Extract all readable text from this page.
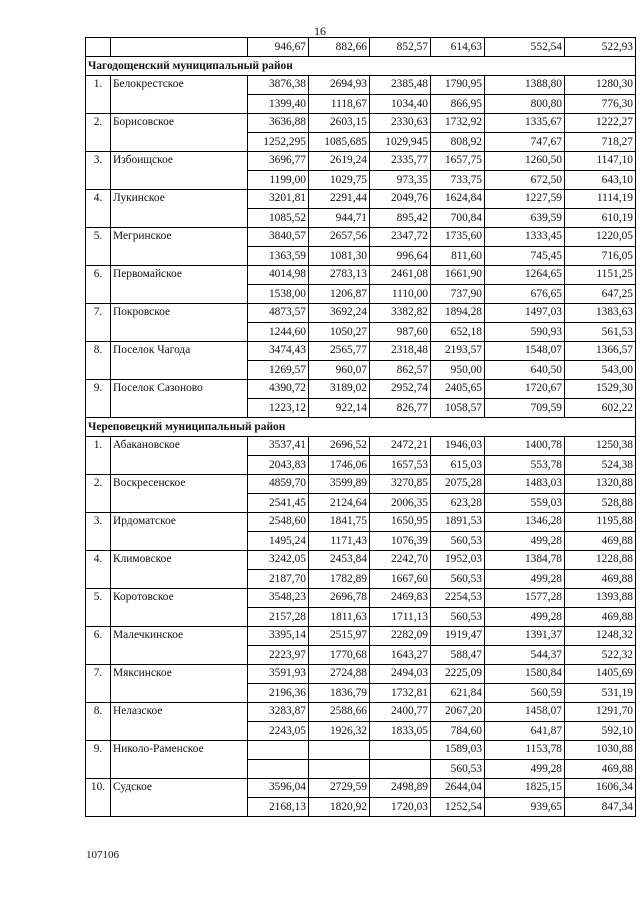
16
		946,67	882,66	852,57	614,63	552,54	522,93
Чагодощенский муниципальный район							
1.	Белокрестское	3876,38	2694,93	2385,48	1790,95	1388,80	1280,30
		1399,40	1118,67	1034,40	866,95	800,80	776,30
2.	Борисовское	3636,88	2603,15	2330,63	1732,92	1335,67	1222,27
		1252,295	1085,685	1029,945	808,92	747,67	718,27
3.	Избоищское	3696,77	2619,24	2335,77	1657,75	1260,50	1147,10
		1199,00	1029,75	973,35	733,75	672,50	643,10
4.	Лукинское	3201,81	2291,44	2049,76	1624,84	1227,59	1114,19
		1085,52	944,71	895,42	700,84	639,59	610,19
5.	Мегринское	3840,57	2657,56	2347,72	1735,60	1333,45	1220,05
		1363,59	1081,30	996,64	811,60	745,45	716,05
6.	Первомайское	4014,98	2783,13	2461,08	1661,90	1264,65	1151,25
		1538,00	1206,87	1110,00	737,90	676,65	647,25
7.	Покровское	4873,57	3692,24	3382,82	1894,28	1497,03	1383,63
		1244,60	1050,27	987,60	652,18	590,93	561,53
8.	Поселок Чагода	3474,43	2565,77	2318,48	2193,57	1548,07	1366,57
		1269,57	960,07	862,57	950,00	640,50	543,00
9.	Поселок Сазоново	4390,72	3189,02	2952,74	2405,65	1720,67	1529,30
		1223,12	922,14	826,77	1058,57	709,59	602,22
Череповецкий муниципальный район							
1.	Абакановское	3537,41	2696,52	2472,21	1946,03	1400,78	1250,38
		2043,83	1746,06	1657,53	615,03	553,78	524,38
2.	Воскресенское	4859,70	3599,89	3270,85	2075,28	1483,03	1320,88
		2541,45	2124,64	2006,35	623,28	559,03	528,88
3.	Ирдоматское	2548,60	1841,75	1650,95	1891,53	1346,28	1195,88
		1495,24	1171,43	1076,39	560,53	499,28	469,88
4.	Климовское	3242,05	2453,84	2242,70	1952,03	1384,78	1228,88
		2187,70	1782,89	1667,60	560,53	499,28	469,88
5.	Коротовское	3548,23	2696,78	2469,83	2254,53	1577,28	1393,88
		2157,28	1811,63	1711,13	560,53	499,28	469,88
6.	Малечкинское	3395,14	2515,97	2282,09	1919,47	1391,37	1248,32
		2223,97	1770,68	1643,27	588,47	544,37	522,32
7.	Мяксинское	3591,93	2724,88	2494,03	2225,09	1580,84	1405,69
		2196,36	1836,79	1732,81	621,84	560,59	531,19
8.	Нелазское	3283,87	2588,66	2400,77	2067,20	1458,07	1291,70
		2243,05	1926,32	1833,05	784,60	641,87	592,10
9.	Николо-Раменское				1589,03	1153,78	1030,88
					560,53	499,28	469,88
10.	Судское	3596,04	2729,59	2498,89	2644,04	1825,15	1606,34
		2168,13	1820,92	1720,03	1252,54	939,65	847,34
107106
